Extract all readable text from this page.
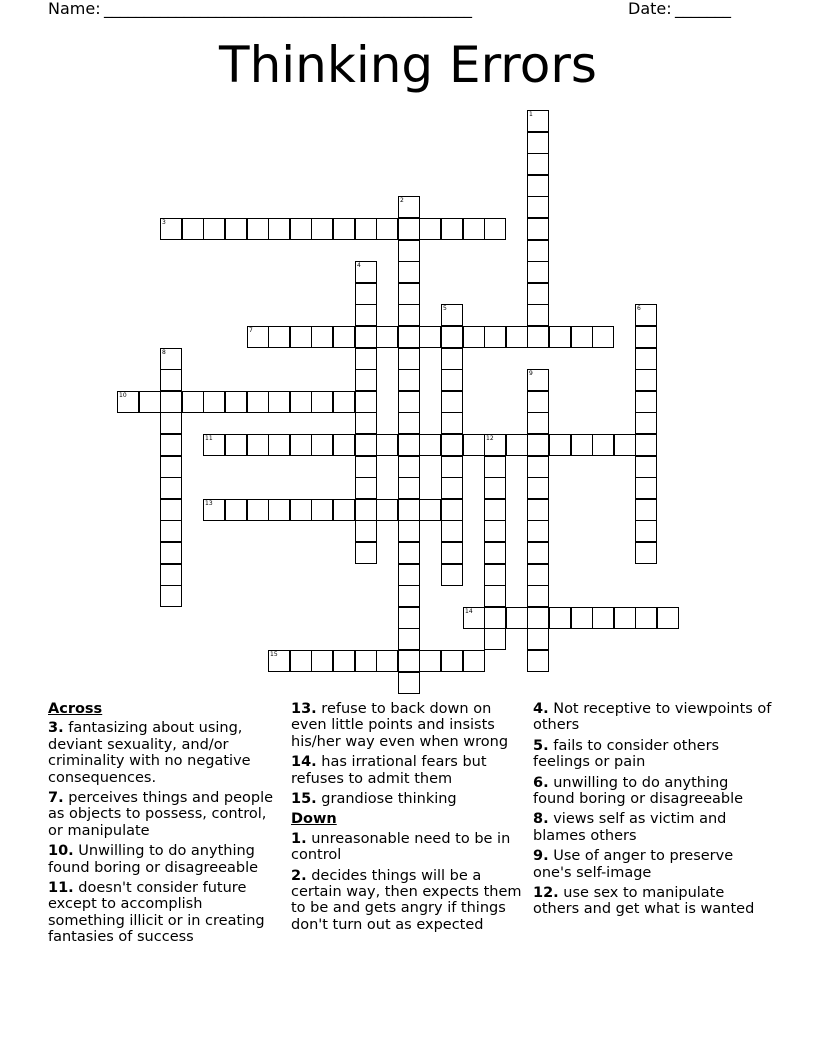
Name: ______________________________________________	Date: _______
Thinking Errors
1
2
3
4
5	6
7
8
9
10
11	12
13
14
15
Across
3. fantasizing about using, deviant sexuality, and/or criminality with no negative consequences.
7. perceives things and people as objects to possess, control, or manipulate
10. Unwilling to do anything found boring or disagreeable
11. doesn't consider future except to accomplish something illicit or in creating fantasies of success
13. refuse to back down on even little points and insists his/her way even when wrong
14. has irrational fears but refuses to admit them
15. grandiose thinking
Down
1. unreasonable need to be in control
2. decides things will be a certain way, then expects them to be and gets angry if things don't turn out as expected
4. Not receptive to viewpoints of others
5. fails to consider others feelings or pain
6. unwilling to do anything found boring or disagreeable
8. views self as victim and blames others
9. Use of anger to preserve one's self-image
12. use sex to manipulate others and get what is wanted
